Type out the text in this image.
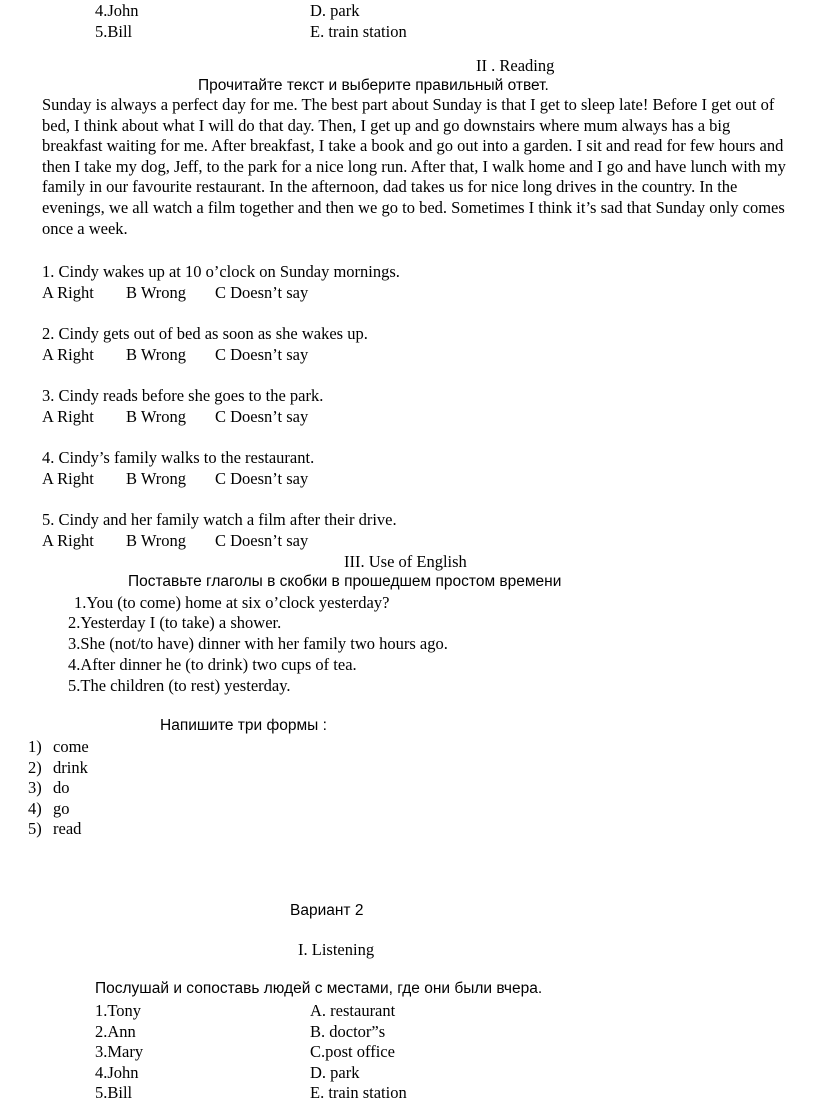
4.John	D. park
5.Bill	E. train station
II . Reading
Прочитайте текст и выберите правильный ответ.
Sunday is always a perfect day for me. The best part about Sunday is that I get to sleep late! Before I get out of bed, I think about what I will do that day. Then, I get up and go downstairs where mum always has a big breakfast waiting for me. After breakfast, I take a book and go out into a garden. I sit and read for few hours and then I take my dog, Jeff, to the park for a nice long run. After that, I walk home and I go and have lunch with my family in our favourite restaurant. In the afternoon, dad takes us for nice long drives in the country. In the evenings, we all watch a film together and then we go to bed. Sometimes I think it’s sad that Sunday only comes once a week.
1. Cindy wakes up at 10 o’clock on Sunday mornings.
A Right B Wrong C Doesn’t say
2. Cindy gets out of bed as soon as she wakes up.
A Right B Wrong C Doesn’t say
3. Cindy reads before she goes to the park.
A Right B Wrong C Doesn’t say
4. Cindy’s family walks to the restaurant.
A Right B Wrong C Doesn’t say
5. Cindy and her family watch a film after their drive.
A Right B Wrong C Doesn’t say
III. Use of English
Поставьте глаголы в скобки в прошедшем простом времени
1.You (to come) home at six o’clock yesterday?
2.Yesterday I (to take) a shower.
3.She (not/to have) dinner with her family two hours ago.
4.After dinner he (to drink) two cups of tea.
5.The children (to rest) yesterday.
Напишите три формы :
1) come
2) drink
3) do
4) go
5) read
Вариант 2
I. Listening
Послушай и сопоставь людей с местами, где они были вчера.
1.Tony	A. restaurant
2.Ann	B. doctor”s
3.Mary	C.post office
4.John	D. park
5.Bill	E. train station
